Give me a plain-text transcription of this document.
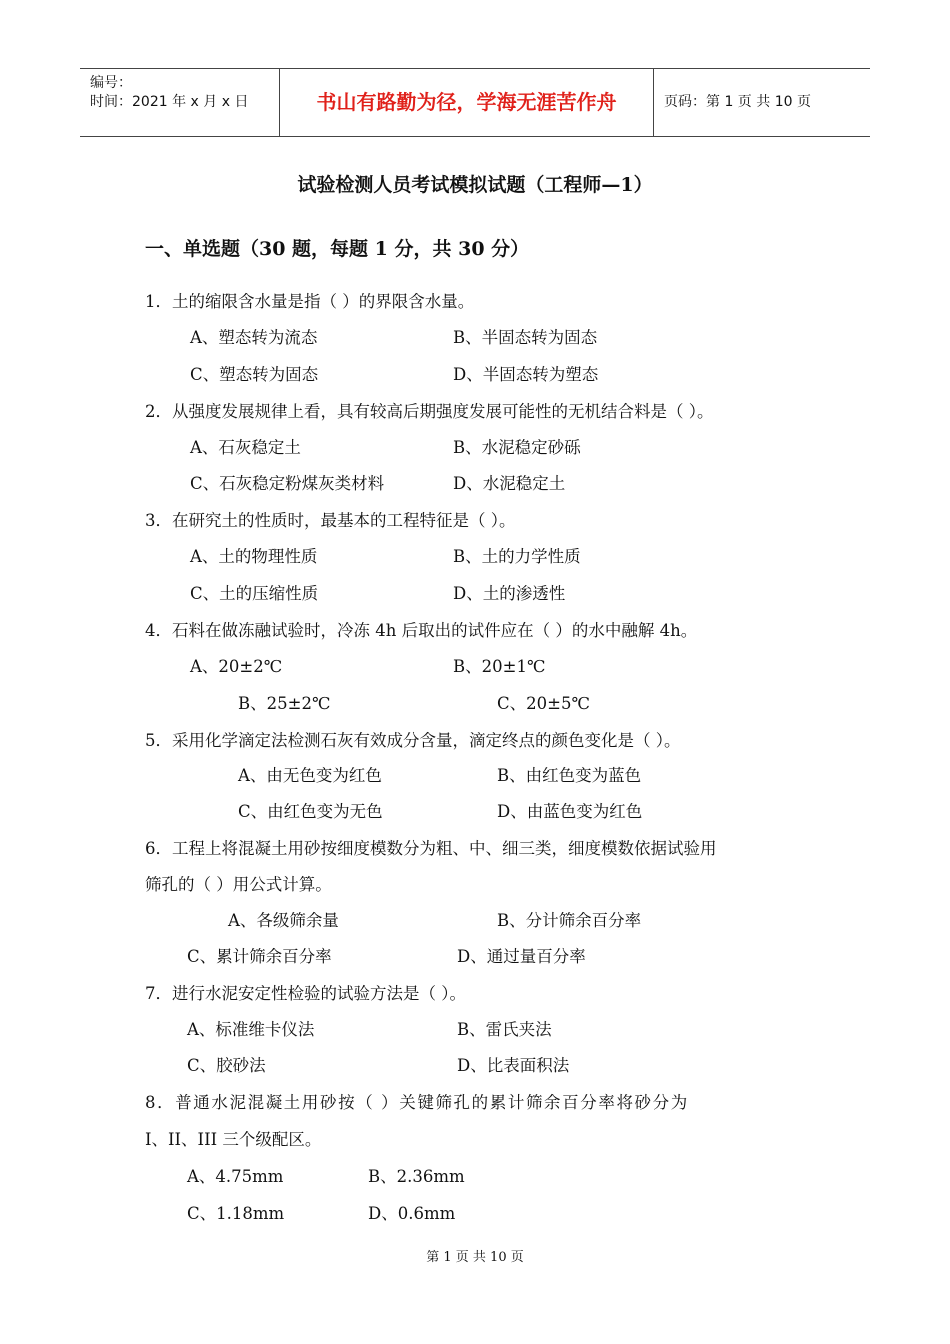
编号：
时间：2021 年 x 月 x 日	书山有路勤为径，学海无涯苦作舟	页码：第 1 页 共 10 页
试验检测人员考试模拟试题（工程师—1）
一、单选题（30 题，每题 1 分，共 30 分）
1．土的缩限含水量是指（ ）的界限含水量。
A、塑态转为流态	B、半固态转为固态
C、塑态转为固态	D、半固态转为塑态
2．从强度发展规律上看，具有较高后期强度发展可能性的无机结合料是（ ）。
A、石灰稳定土	B、水泥稳定砂砾
C、石灰稳定粉煤灰类材料	D、水泥稳定土
3．在研究土的性质时，最基本的工程特征是（ ）。
A、土的物理性质	B、土的力学性质
C、土的压缩性质	D、土的渗透性
4．石料在做冻融试验时，冷冻 4h 后取出的试件应在（ ）的水中融解 4h。
A、20±2℃	B、20±1℃
B、25±2℃	C、20±5℃
5．采用化学滴定法检测石灰有效成分含量，滴定终点的颜色变化是（ ）。
A、由无色变为红色	B、由红色变为蓝色
C、由红色变为无色	D、由蓝色变为红色
6．工程上将混凝土用砂按细度模数分为粗、中、细三类，细度模数依据试验用
筛孔的（ ）用公式计算。
A、各级筛余量	B、分计筛余百分率
C、累计筛余百分率	D、通过量百分率
7．进行水泥安定性检验的试验方法是（ ）。
A、标准维卡仪法	B、雷氏夹法
C、胶砂法	D、比表面积法
8．普通水泥混凝土用砂按（ ）关键筛孔的累计筛余百分率将砂分为
I、II、III 三个级配区。
A、4.75mm	B、2.36mm
C、1.18mm	D、0.6mm
第 1 页 共 10 页
